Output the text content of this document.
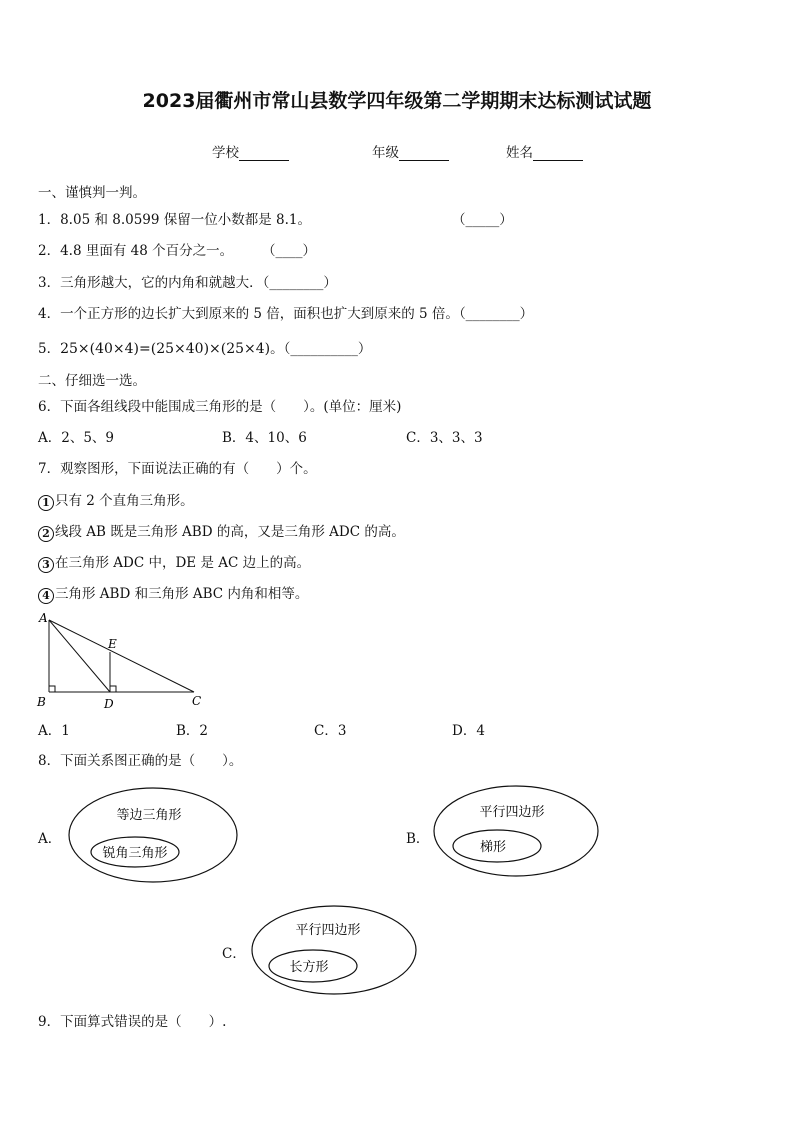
2023届衢州市常山县数学四年级第二学期期末达标测试试题
学校	年级	姓名
一、谨慎判一判。
1．8.05 和 8.0599 保留一位小数都是 8.1。	（_____）
2．4.8 里面有 48 个百分之一。 （____）
3．三角形越大，它的内角和就越大．（________）
4．一个正方形的边长扩大到原来的 5 倍，面积也扩大到原来的 5 倍。（________）
5．25×(40×4)=(25×40)×(25×4)。（__________）
二、仔细选一选。
6．下面各组线段中能围成三角形的是（　　）。(单位：厘米)
A．2、5、9	B．4、10、6	C．3、3、3
7．观察图形，下面说法正确的有（　　）个。
1 只有 2 个直角三角形。
2 线段 AB 既是三角形 ABD 的高，又是三角形 ADC 的高。
3 在三角形 ADC 中，DE 是 AC 边上的高。
4 三角形 ABD 和三角形 ABC 内角和相等。
A
B	C
D
E
A．1	B．2	C．3	D．4
8．下面关系图正确的是（　　）。
A．
等边三角形
锐角三角形
B．
平行四边形
梯形
C．
平行四边形
长方形
9．下面算式错误的是（　　）.
